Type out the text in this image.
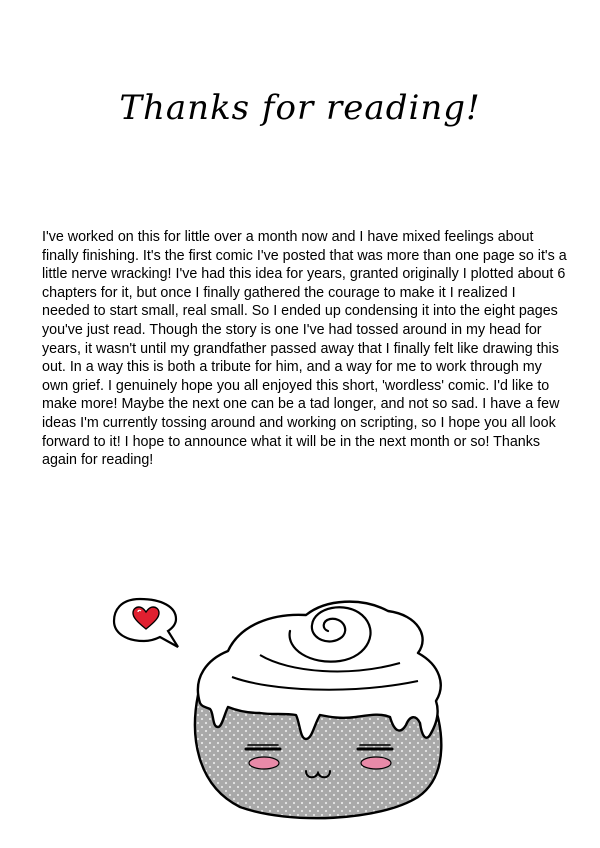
Thanks for reading!

I've worked on this for little over a month now and I have mixed feelings about finally finishing. It's the first comic I've posted that was more than one page so it's a little nerve wracking! I've had this idea for years, granted originally I plotted about 6 chapters for it, but once I finally gathered the courage to make it I realized I needed to start small, real small. So I ended up condensing it into the eight pages you've just read. Though the story is one I've had tossed around in my head for years, it wasn't until my grandfather passed away that I finally felt like drawing this out. In a way this is both a tribute for him, and a way for me to work through my own grief. I genuinely hope you all enjoyed this short, 'wordless' comic. I'd like to make more! Maybe the next one can be a tad longer, and not so sad. I have a few ideas I'm currently tossing around and working on scripting, so I hope you all look forward to it! I hope to announce what it will be in the next month or so! Thanks again for reading!
